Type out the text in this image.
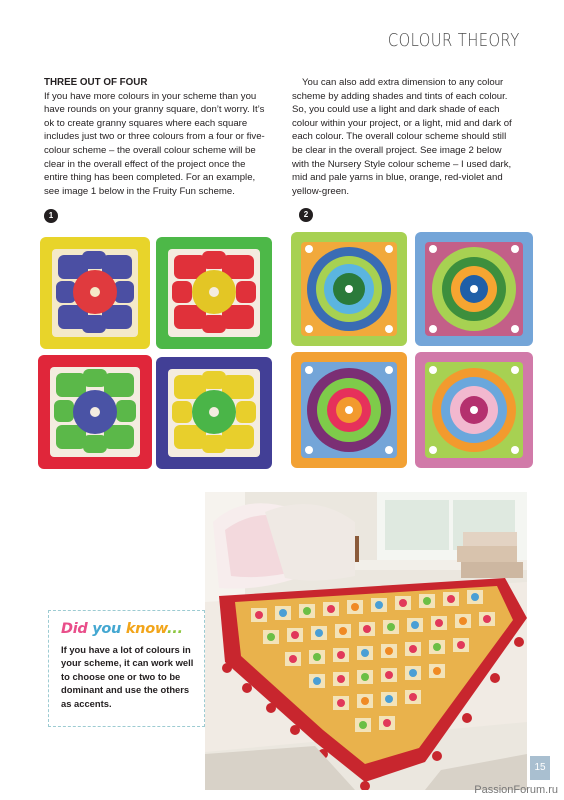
COLOUR THEORY
THREE OUT OF FOUR

If you have more colours in your scheme than you have rounds on your granny square, don’t worry. It’s ok to create granny squares where each square includes just two or three colours from a four or five-colour scheme – the overall colour scheme will be clear in the overall effect of the project once the entire thing has been completed. For an example, see image 1 below in the Fruity Fun scheme.

You can also add extra dimension to any colour scheme by adding shades and tints of each colour. So, you could use a light and dark shade of each colour within your project, or a light, mid and dark of each colour. The overall colour scheme should still be clear in the overall project. See image 2 below with the Nursery Style colour scheme – I used dark, mid and pale yarns in blue, orange, red-violet and yellow-green.

1	2
Did you know...
If you have a lot of colours in your scheme, it can work well to choose one or two to be dominant and use the others as accents.
15
PassionForum.ru
